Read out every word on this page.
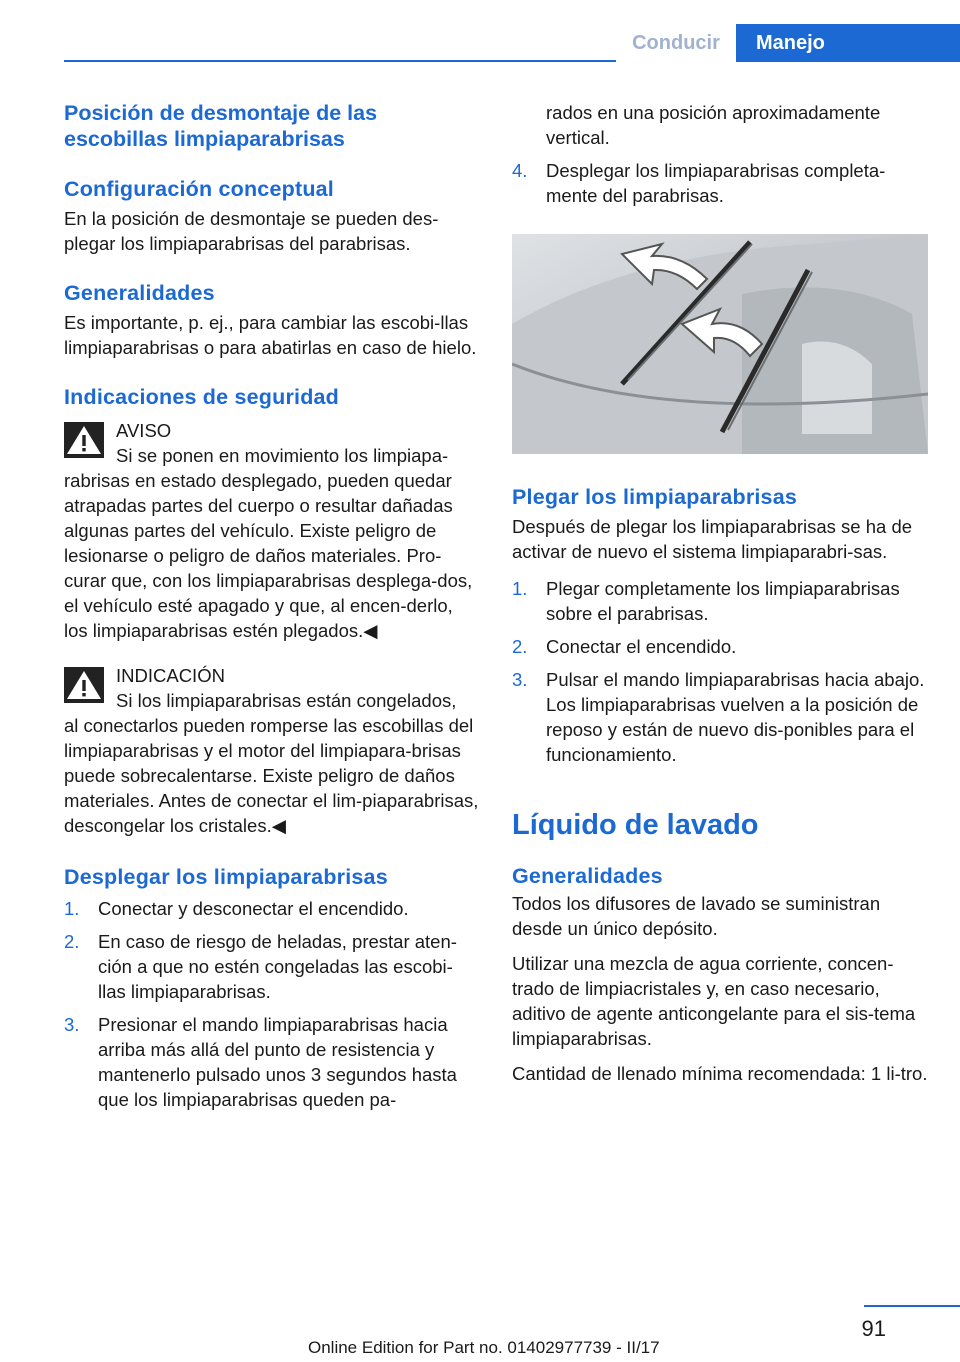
Conducir	Manejo
Posición de desmontaje de las escobillas limpiaparabrisas
Configuración conceptual
En la posición de desmontaje se pueden des-plegar los limpiaparabrisas del parabrisas.
Generalidades
Es importante, p. ej., para cambiar las escobi-llas limpiaparabrisas o para abatirlas en caso de hielo.
Indicaciones de seguridad
AVISO
Si se ponen en movimiento los limpiapa-
rabrisas en estado desplegado, pueden quedar atrapadas partes del cuerpo o resultar dañadas algunas partes del vehículo. Existe peligro de lesionarse o peligro de daños materiales. Pro-curar que, con los limpiaparabrisas desplega-dos, el vehículo esté apagado y que, al encen-derlo, los limpiaparabrisas estén plegados.◀
INDICACIÓN
Si los limpiaparabrisas están congelados,
al conectarlos pueden romperse las escobillas del limpiaparabrisas y el motor del limpiapara-brisas puede sobrecalentarse. Existe peligro de daños materiales. Antes de conectar el lim-piaparabrisas, descongelar los cristales.◀
Desplegar los limpiaparabrisas
1. Conectar y desconectar el encendido.
2. En caso de riesgo de heladas, prestar aten-ción a que no estén congeladas las escobi-llas limpiaparabrisas.
3. Presionar el mando limpiaparabrisas hacia arriba más allá del punto de resistencia y mantenerlo pulsado unos 3 segundos hasta que los limpiaparabrisas queden pa-
rados en una posición aproximadamente vertical.
4. Desplegar los limpiaparabrisas completa-mente del parabrisas.
Plegar los limpiaparabrisas
Después de plegar los limpiaparabrisas se ha de activar de nuevo el sistema limpiaparabri-sas.
1. Plegar completamente los limpiaparabrisas sobre el parabrisas.
2. Conectar el encendido.
3. Pulsar el mando limpiaparabrisas hacia abajo. Los limpiaparabrisas vuelven a la posición de reposo y están de nuevo dis-ponibles para el funcionamiento.
Líquido de lavado
Generalidades
Todos los difusores de lavado se suministran desde un único depósito.
Utilizar una mezcla de agua corriente, concen-trado de limpiacristales y, en caso necesario, aditivo de agente anticongelante para el sis-tema limpiaparabrisas.
Cantidad de llenado mínima recomendada: 1 li-tro.
91
Online Edition for Part no. 01402977739 - II/17
